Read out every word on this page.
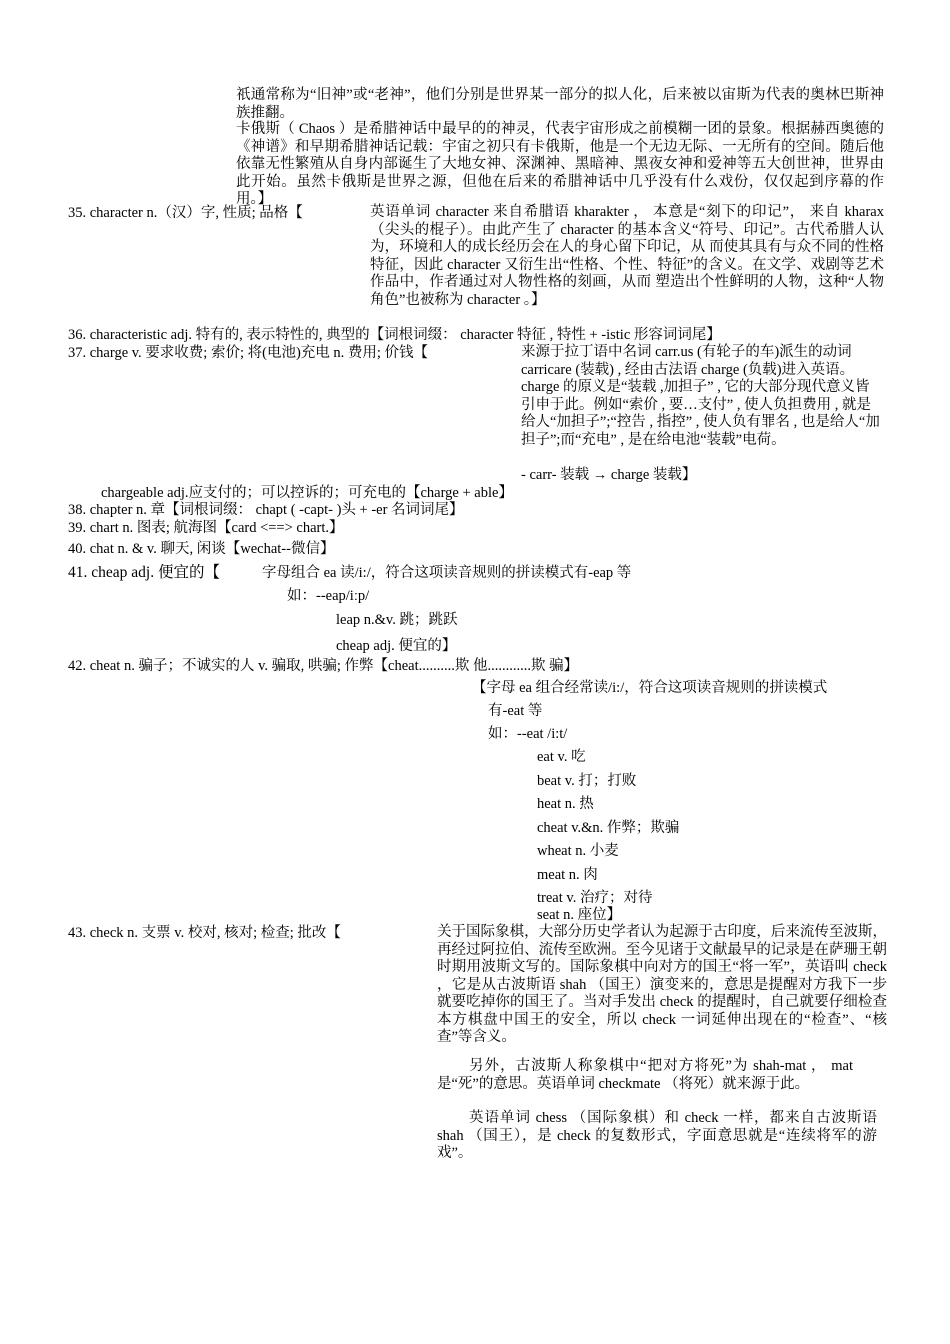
祇通常称为“旧神”或“老神”，他们分别是世界某一部分的拟人化，后来被以宙斯为代表的奥林巴斯神族推翻。
卡俄斯（ Chaos ）是希腊神话中最早的的神灵，代表宇宙形成之前模糊一团的景象。根据赫西奥德的《神谱》和早期希腊神话记载：宇宙之初只有卡俄斯，他是一个无边无际、一无所有的空间。随后他依靠无性繁殖从自身内部诞生了大地女神、深渊神、黑暗神、黑夜女神和爱神等五大创世神，世界由此开始。虽然卡俄斯是世界之源，但他在后来的希腊神话中几乎没有什么戏份，仅仅起到序幕的作用。】
35. character n.（汉）字, 性质; 品格【	英语单词 character 来自希腊语 kharakter ， 本意是“刻下的印记”， 来自 kharax （尖头的棍子）。由此产生了 character 的基本含义“符号、印记”。古代希腊人认为，环境和人的成长经历会在人的身心留下印记，从 而使其具有与众不同的性格特征，因此 character 又衍生出“性格、个性、特征”的含义。在文学、戏剧等艺术作品中，作者通过对人物性格的刻画，从而 塑造出个性鲜明的人物，这种“人物角色”也被称为 character 。】
36. characteristic adj. 特有的, 表示特性的, 典型的【词根词缀： character 特征 , 特性 + -istic 形容词词尾】
37. charge v. 要求收费; 索价; 将(电池)充电 n. 费用; 价钱【	来源于拉丁语中名词 carr.us (有轮子的车)派生的动词 carricare (装载) , 经由古法语 charge (负载)进入英语。 charge 的原义是“装载 ,加担子” , 它的大部分现代意义皆引申于此。例如“索价 , 要…支付” , 使人负担费用 , 就是给人“加担子”;“控告 , 指控” , 使人负有罪名 , 也是给人“加担子”;而“充电” , 是在给电池“装载”电荷。
- carr- 装载 → charge 装载】
chargeable adj.应支付的；可以控诉的；可充电的【charge + able】
38. chapter n. 章【词根词缀： chapt ( -capt- )头 + -er 名词词尾】
39. chart n. 图表; 航海图【card <==> chart.】
40. chat n. & v. 聊天, 闲谈【wechat--微信】
41. cheap adj. 便宜的【	字母组合 ea 读/i:/，符合这项读音规则的拼读模式有-eap 等
如：--eap/iːp/
leap n.&v. 跳；跳跃
cheap adj. 便宜的】
42. cheat n. 骗子；不诚实的人 v. 骗取, 哄骗; 作弊【cheat..........欺 他............欺 骗】
【字母 ea 组合经常读/i:/，符合这项读音规则的拼读模式
有-eat 等
如：--eat /i:t/
eat v. 吃
beat v. 打；打败
heat n. 热
cheat v.&n. 作弊；欺骗
wheat n. 小麦
meat n. 肉
treat v. 治疗；对待
seat n. 座位】
43. check n. 支票 v. 校对, 核对; 检查; 批改【	关于国际象棋，大部分历史学者认为起源于古印度，后来流传至波斯，再经过阿拉伯、流传至欧洲。至今见诸于文献最早的记录是在萨珊王朝时期用波斯文写的。国际象棋中向对方的国王“将一军”，英语叫 check ，它是从古波斯语 shah （国王）演变来的，意思是提醒对方我下一步就要吃掉你的国王了。当对手发出 check 的提醒时，自己就要仔细检查本方棋盘中国王的安全，所以 check 一词延伸出现在的“检查”、“核查”等含义。
另外，古波斯人称象棋中“把对方将死”为 shah-mat ， mat 是“死”的意思。英语单词 checkmate （将死）就来源于此。
英语单词 chess （国际象棋）和 check 一样，都来自古波斯语 shah （国王），是 check 的复数形式，字面意思就是“连续将军的游戏”。
